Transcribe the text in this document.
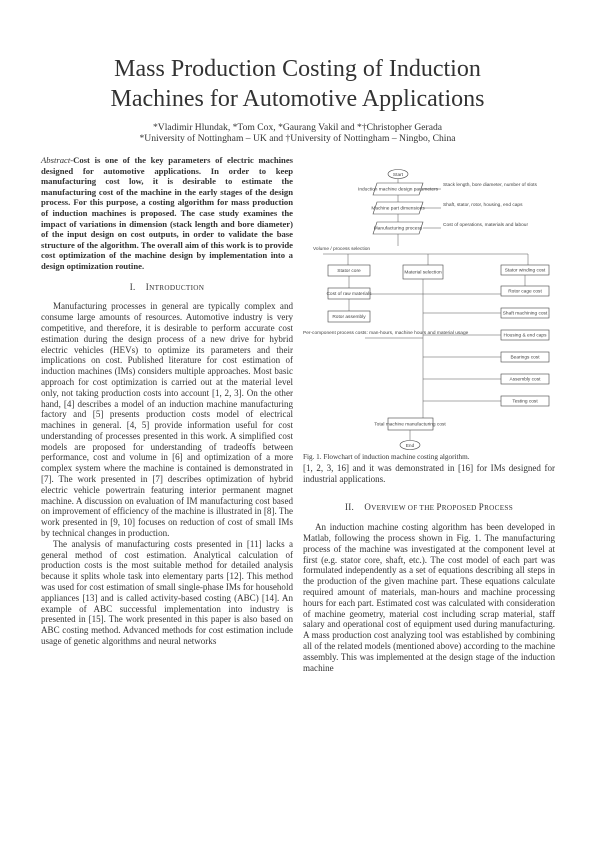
Mass Production Costing of Induction
Machines for Automotive Applications
*Vladimir Hlundak, *Tom Cox, *Gaurang Vakil and *†Christopher Gerada
*University of Nottingham – UK and †University of Nottingham – Ningbo, China

Abstract-Cost is one of the key parameters of electric machines designed for automotive applications. In order to keep manufacturing cost low, it is desirable to estimate the manufacturing cost of the machine in the early stages of the design process. For this purpose, a costing algorithm for mass production of induction machines is proposed. The case study examines the impact of variations in dimension (stack length and bore diameter) of the input design on cost outputs, in order to validate the base structure of the algorithm. The overall aim of this work is to provide cost optimization of the machine design by implementation into a design optimization routine.

I. INTRODUCTION

Manufacturing processes in general are typically complex and consume large amounts of resources. Automotive industry is very competitive, and therefore, it is desirable to perform accurate cost estimation during the design process of a new drive for hybrid electric vehicles (HEVs) to optimize its parameters and their implications on cost. Published literature for cost estimation of induction machines (IMs) considers multiple approaches. Most basic approach for cost optimization is carried out at the material level only, not taking production costs into account [1, 2, 3]. On the other hand, [4] describes a model of an induction machine manufacturing factory and [5] presents production costs model of electrical machines in general. [4, 5] provide information useful for cost understanding of processes presented in this work. A simplified cost models are proposed for understanding of tradeoffs between performance, cost and volume in [6] and optimization of a more complex system where the machine is contained is demonstrated in [7]. The work presented in [7] describes optimization of hybrid electric vehicle powertrain featuring interior permanent magnet machine. A discussion on evaluation of IM manufacturing cost based on improvement of efficiency of the machine is illustrated in [8]. The work presented in [9, 10] focuses on reduction of cost of small IMs by technical changes in production.

The analysis of manufacturing costs presented in [11] lacks a general method of cost estimation. Analytical calculation of production costs is the most suitable method for detailed analysis because it splits whole task into elementary parts [12]. This method was used for cost estimation of small single-phase IMs for household appliances [13] and is called activity-based costing (ABC) [14]. An example of ABC successful implementation into industry is presented in [15]. The work presented in this paper is also based on ABC costing method. Advanced methods for cost estimation include usage of genetic algorithms and neural networks

Start
Induction machine design parameters
Stack length, bore diameter, number of slots
Machine part dimensions
Shaft, stator, rotor, housing, end caps
Manufacturing process
Cost of operations, materials and labour
Volume / process selection
Stator core
Cost of raw materials
Rotor assembly
Material selection	Stator winding cost
Rotor cage cost
Shaft machining cost
Housing & end caps
Bearings cost
Assembly cost
Testing cost
Per-component process costs: man-hours, machine hours and material usage
Total machine manufacturing cost
End

Fig. 1. Flowchart of induction machine costing algorithm.

[1, 2, 3, 16] and it was demonstrated in [16] for IMs designed for industrial applications.

II. OVERVIEW OF THE PROPOSED PROCESS

An induction machine costing algorithm has been developed in Matlab, following the process shown in Fig. 1. The manufacturing process of the machine was investigated at the component level at first (e.g. stator core, shaft, etc.). The cost model of each part was formulated independently as a set of equations describing all steps in the production of the given machine part. These equations calculate required amount of materials, man-hours and machine processing hours for each part. Estimated cost was calculated with consideration of machine geometry, material cost including scrap material, staff salary and operational cost of equipment used during manufacturing. A mass production cost analyzing tool was established by combining all of the related models (mentioned above) according to the machine assembly. This was implemented at the design stage of the induction machine
